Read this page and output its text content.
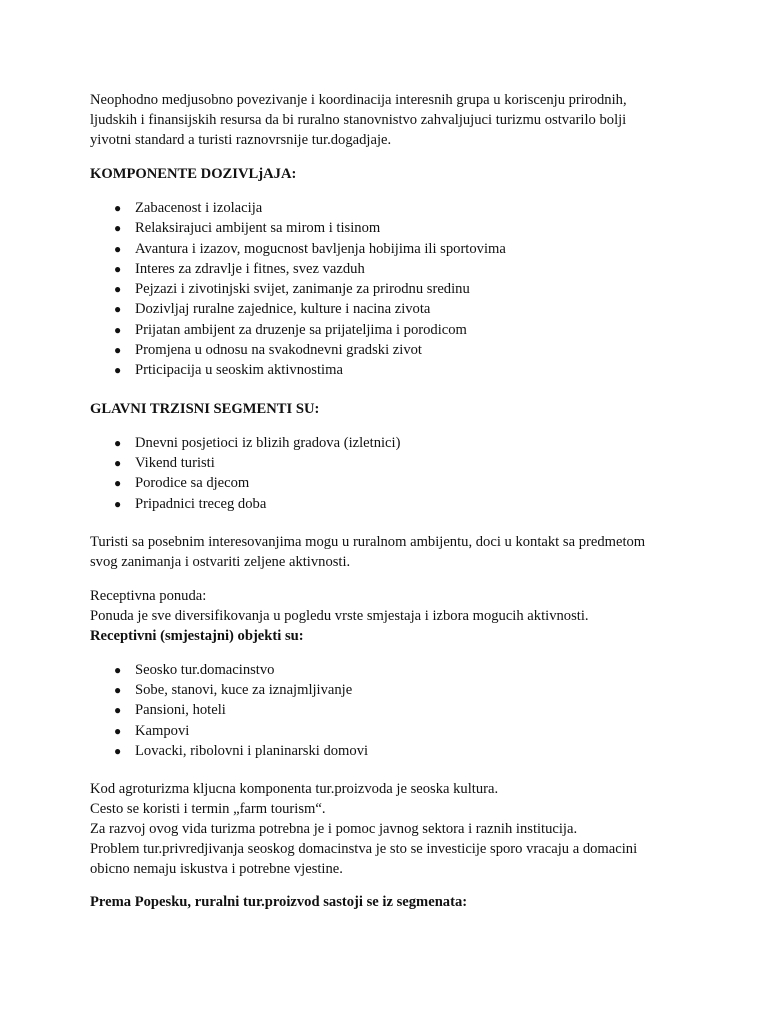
Neophodno medjusobno povezivanje i koordinacija interesnih grupa u koriscenju prirodnih,
ljudskih i finansijskih resursa da bi ruralno stanovnistvo zahvaljujuci turizmu ostvarilo bolji
yivotni standard a turisti raznovrsnije tur.dogadjaje.

KOMPONENTE DOZIVLjAJA:

● Zabacenost i izolacija
● Relaksirajuci ambijent sa mirom i tisinom
● Avantura i izazov, mogucnost bavljenja hobijima ili sportovima
● Interes za zdravlje i fitnes, svez vazduh
● Pejzazi i zivotinjski svijet, zanimanje za prirodnu sredinu
● Dozivljaj ruralne zajednice, kulture i nacina zivota
● Prijatan ambijent za druzenje sa prijateljima i porodicom
● Promjena u odnosu na svakodnevni gradski zivot
● Prticipacija u seoskim aktivnostima

GLAVNI TRZISNI SEGMENTI SU:

● Dnevni posjetioci iz blizih gradova (izletnici)
● Vikend turisti
● Porodice sa djecom
● Pripadnici treceg doba

Turisti sa posebnim interesovanjima mogu u ruralnom ambijentu, doci u kontakt sa predmetom
svog zanimanja i ostvariti zeljene aktivnosti.

Receptivna ponuda:
Ponuda je sve diversifikovanja u pogledu vrste smjestaja i izbora mogucih aktivnosti.
Receptivni (smjestajni) objekti su:

● Seosko tur.domacinstvo
● Sobe, stanovi, kuce za iznajmljivanje
● Pansioni, hoteli
● Kampovi
● Lovacki, ribolovni i planinarski domovi

Kod agroturizma kljucna komponenta tur.proizvoda je seoska kultura.
Cesto se koristi i termin „farm tourism“.
Za razvoj ovog vida turizma potrebna je i pomoc javnog sektora i raznih institucija.
Problem tur.privredjivanja seoskog domacinstva je sto se investicije sporo vracaju a domacini
obicno nemaju iskustva i potrebne vjestine.

Prema Popesku, ruralni tur.proizvod sastoji se iz segmenata:
